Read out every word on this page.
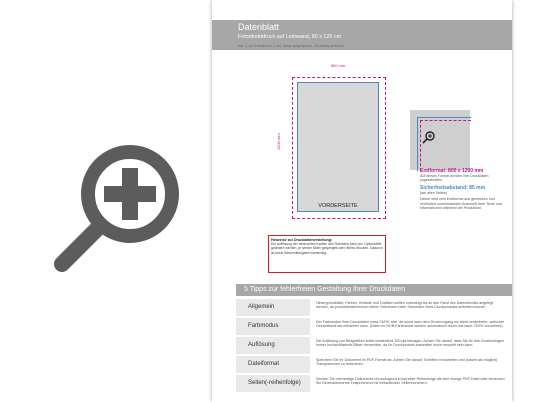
Datenblatt
Fotodirektdruck auf Leinwand, 80 x 120 cm
inkl. 3 cm Keilrahmen 4 cm, fertig aufgespannt, 4/0-farbig bedruckt
800 mm
1200 mm
VORDERSEITE
Hinweise zur Druckdatenerstellung:
Die Auflösung der bedruckten Kanten des Rahmens kann pro Optionsfeld geändert werden, je wieder Motiv gespiegelt oder Weiss drucken. Dadurch ist keine Beschnittzugabe notwendig.
Endformat: 800 x 1200 mm
Auf dieses Format werden Ihre Druckdaten zugeschnitten.
Sicherheitsabstand: 85 mm
(auf allen Seiten)
Dieser wird vom Endformat aus gemessen und verhindert unerwünschten Anschnitt Ihrer Texte und Informationen während der Produktion.
5 Tipps zur fehlerfreien Gestaltung Ihrer Druckdaten
Allgemein
Hintergrundbilder, Farben, Verläufe und Grafiken sollten unbedingt bis an den Rand des Datenformats angelegt werden, da produktionstechnisch kleine Toleranzen beim Schneiden Ihres Druckprodukts auftreten können.
Farbmodus
Der Farbmodus Ihrer Druckdaten muss CMYK sein, da sonst nach dem Druckvorgang ein leicht veränderter, optischer Gesamteindruck entstehen kann. (Daten im RGB-Farbmodus werden automatisch durch uns nach CMYK konvertiert).
Auflösung
Die Auflösung von Bildgrafiken sollte mindestens 300 dpi betragen. Achten Sie darauf, dass Sie für Ihre Druckvorlagen immer hochauflösende Bilder verwenden, da Ihr Druckprodukt ansonsten leicht verpixelt sein kann.
Dateiformat
Speichern Sie Ihr Dokument im PDF-Format ab. Achten Sie darauf, Schriften einzubetten und (soweit als möglich) Transparenzen zu reduzieren.
Seiten(-reihenfolge)
Senden Sie mehrseitige Dokumente chronologisch in korrekter Reihenfolge als eine einzige PDF-Datei oder benennen Sie Einzeldokumente entsprechend mit fortlaufenden Seitennummern.
